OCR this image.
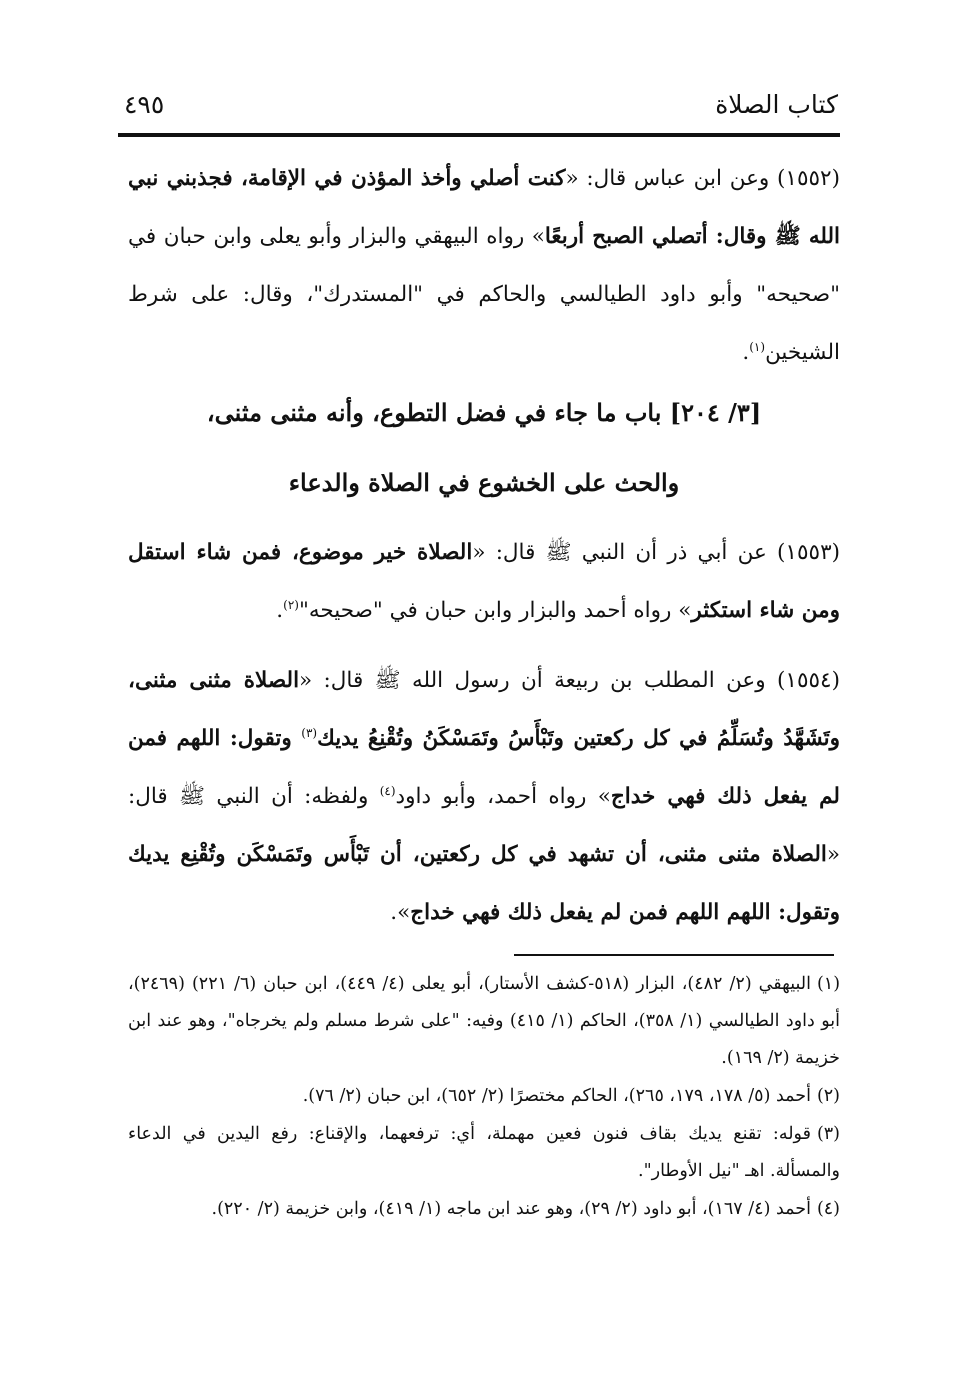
كتاب الصلاة
٤٩٥
(١٥٥٢) وعن ابن عباس قال: «كنت أصلي وأخذ المؤذن في الإقامة، فجذبني نبي الله ﷺ وقال: أتصلي الصبح أربعًا» رواه البيهقي والبزار وأبو يعلى وابن حبان في "صحيحه" وأبو داود الطيالسي والحاكم في "المستدرك"، وقال: على شرط الشيخين$^{(١)}$.
[٣/ ٢٠٤] باب ما جاء في فضل التطوع، وأنه مثنى مثنى،
والحث على الخشوع في الصلاة والدعاء
(١٥٥٣) عن أبي ذر أن النبي ﷺ قال: «الصلاة خير موضوع، فمن شاء استقل ومن شاء استكثر» رواه أحمد والبزار وابن حبان في "صحيحه"$^{(٢)}$.
(١٥٥٤) وعن المطلب بن ربيعة أن رسول الله ﷺ قال: «الصلاة مثنى مثنى، وتَشَهَّدُ وتُسَلِّمُ في كل ركعتين وتَبْأَسُ وتَمَسْكَنُ وتُقْنِعُ يديك$^{(٣)}$ وتقول: اللهم فمن لم يفعل ذلك فهي خداج» رواه أحمد، وأبو داود$^{(٤)}$ ولفظه: أن النبي ﷺ قال: «الصلاة مثنى مثنى، أن تشهد في كل ركعتين، أن تَبْأَس وتَمَسْكَن وتُقْنِع يديك وتقول: اللهم اللهم فمن لم يفعل ذلك فهي خداج».
(١)البيهقي (٢/ ٤٨٢)، البزار (٥١٨-كشف الأستار)، أبو يعلى (٤/ ٤٤٩)، ابن حبان (٦/ ٢٢١) (٢٤٦٩)، أبو داود الطيالسي (١/ ٣٥٨)، الحاكم (١/ ٤١٥) وفيه: "على شرط مسلم ولم يخرجاه"، وهو عند ابن خزيمة (٢/ ١٦٩).
(٢)أحمد (٥/ ١٧٨، ١٧٩، ٢٦٥)، الحاكم مختصرًا (٢/ ٦٥٢)، ابن حبان (٢/ ٧٦).
(٣)قوله: تقنع يديك بقاف فنون فعين مهملة، أي: ترفعهما، والإقناع: رفع اليدين في الدعاء والمسألة. اهـ "نيل الأوطار".
(٤)أحمد (٤/ ١٦٧)، أبو داود (٢/ ٢٩)، وهو عند ابن ماجه (١/ ٤١٩)، وابن خزيمة (٢/ ٢٢٠).
